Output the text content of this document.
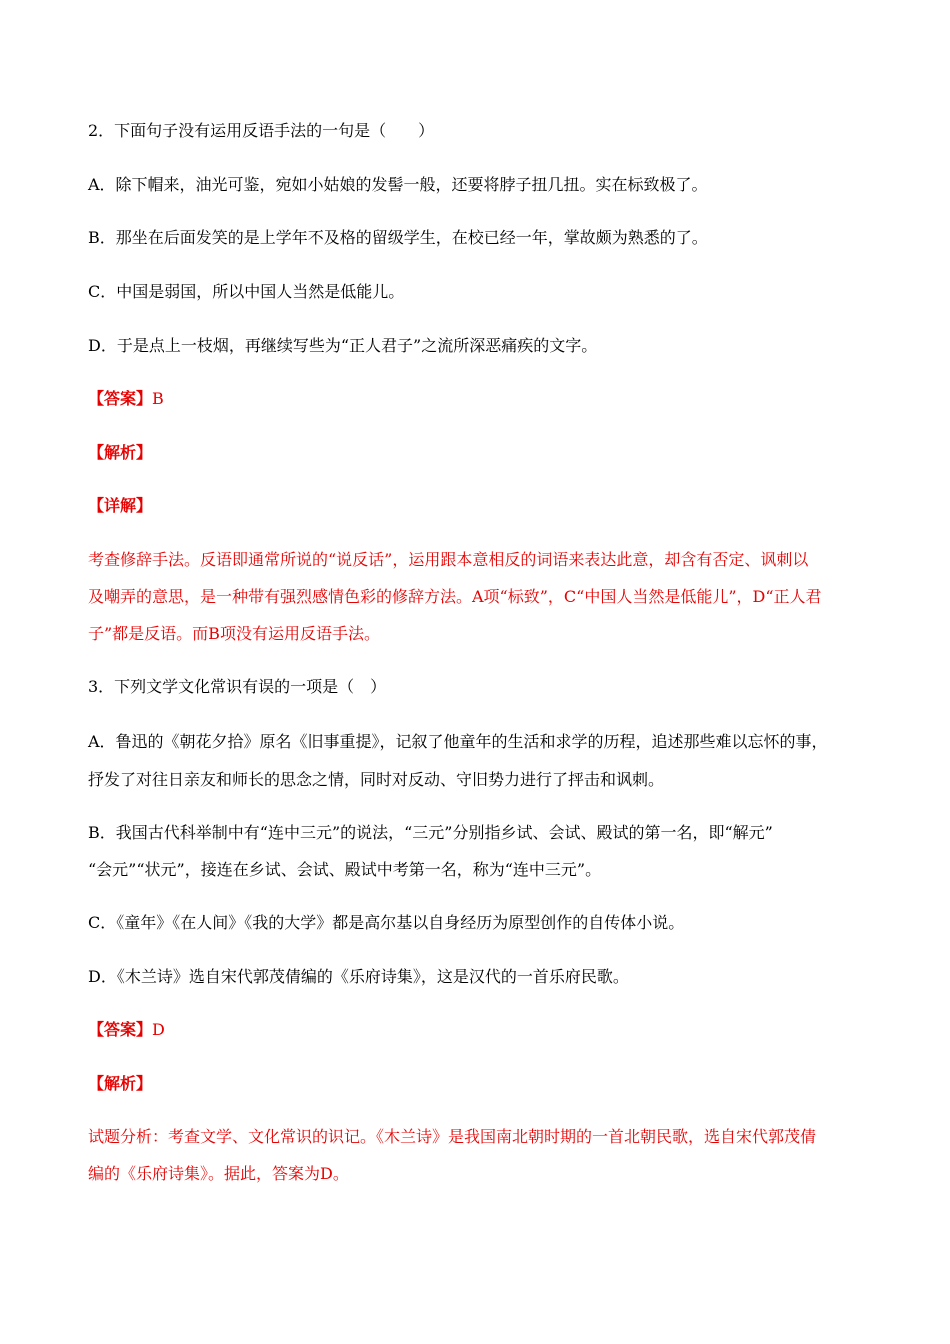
2．下面句子没有运用反语手法的一句是（　　）
A．除下帽来，油光可鉴，宛如小姑娘的发髻一般，还要将脖子扭几扭。实在标致极了。
B．那坐在后面发笑的是上学年不及格的留级学生，在校已经一年，掌故颇为熟悉的了。
C．中国是弱国，所以中国人当然是低能儿。
D．于是点上一枝烟，再继续写些为“正人君子”之流所深恶痛疾的文字。
【答案】B
【解析】
【详解】
考查修辞手法。反语即通常所说的“说反话”，运用跟本意相反的词语来表达此意，却含有否定、讽刺以
及嘲弄的意思，是一种带有强烈感情色彩的修辞方法。A项“标致”，C“中国人当然是低能儿”，D“正人君
子”都是反语。而B项没有运用反语手法。
3．下列文学文化常识有误的一项是（　）
A．鲁迅的《朝花夕拾》原名《旧事重提》，记叙了他童年的生活和求学的历程，追述那些难以忘怀的事，
抒发了对往日亲友和师长的思念之情，同时对反动、守旧势力进行了抨击和讽刺。
B．我国古代科举制中有“连中三元”的说法，“三元”分别指乡试、会试、殿试的第一名，即“解元”
“会元”“状元”，接连在乡试、会试、殿试中考第一名，称为“连中三元”。
C．《童年》《在人间》《我的大学》都是高尔基以自身经历为原型创作的自传体小说。
D．《木兰诗》选自宋代郭茂倩编的《乐府诗集》，这是汉代的一首乐府民歌。
【答案】D
【解析】
试题分析：考查文学、文化常识的识记。《木兰诗》是我国南北朝时期的一首北朝民歌，选自宋代郭茂倩
编的《乐府诗集》。据此，答案为D。
